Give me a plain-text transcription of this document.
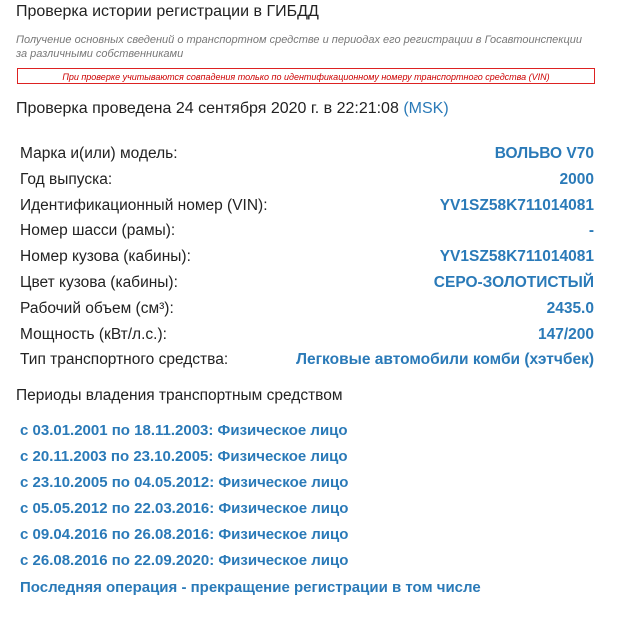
Проверка истории регистрации в ГИБДД
Получение основных сведений о транспортном средстве и периодах его регистрации в Госавтоинспекции за различными собственниками
При проверке учитываются совпадения только по идентификационному номеру транспортного средства (VIN)
Проверка проведена 24 сентября 2020 г. в 22:21:08 (MSK)
Марка и(или) модель:	ВОЛЬВО V70
Год выпуска:	2000
Идентификационный номер (VIN):	YV1SZ58K711014081
Номер шасси (рамы):	-
Номер кузова (кабины):	YV1SZ58K711014081
Цвет кузова (кабины):	СЕРО-ЗОЛОТИСТЫЙ
Рабочий объем (см³):	2435.0
Мощность (кВт/л.с.):	147/200
Тип транспортного средства:	Легковые автомобили комби (хэтчбек)
Периоды владения транспортным средством
с 03.01.2001 по 18.11.2003: Физическое лицо
с 20.11.2003 по 23.10.2005: Физическое лицо
с 23.10.2005 по 04.05.2012: Физическое лицо
с 05.05.2012 по 22.03.2016: Физическое лицо
с 09.04.2016 по 26.08.2016: Физическое лицо
с 26.08.2016 по 22.09.2020: Физическое лицо
Последняя операция - прекращение регистрации в том числе
